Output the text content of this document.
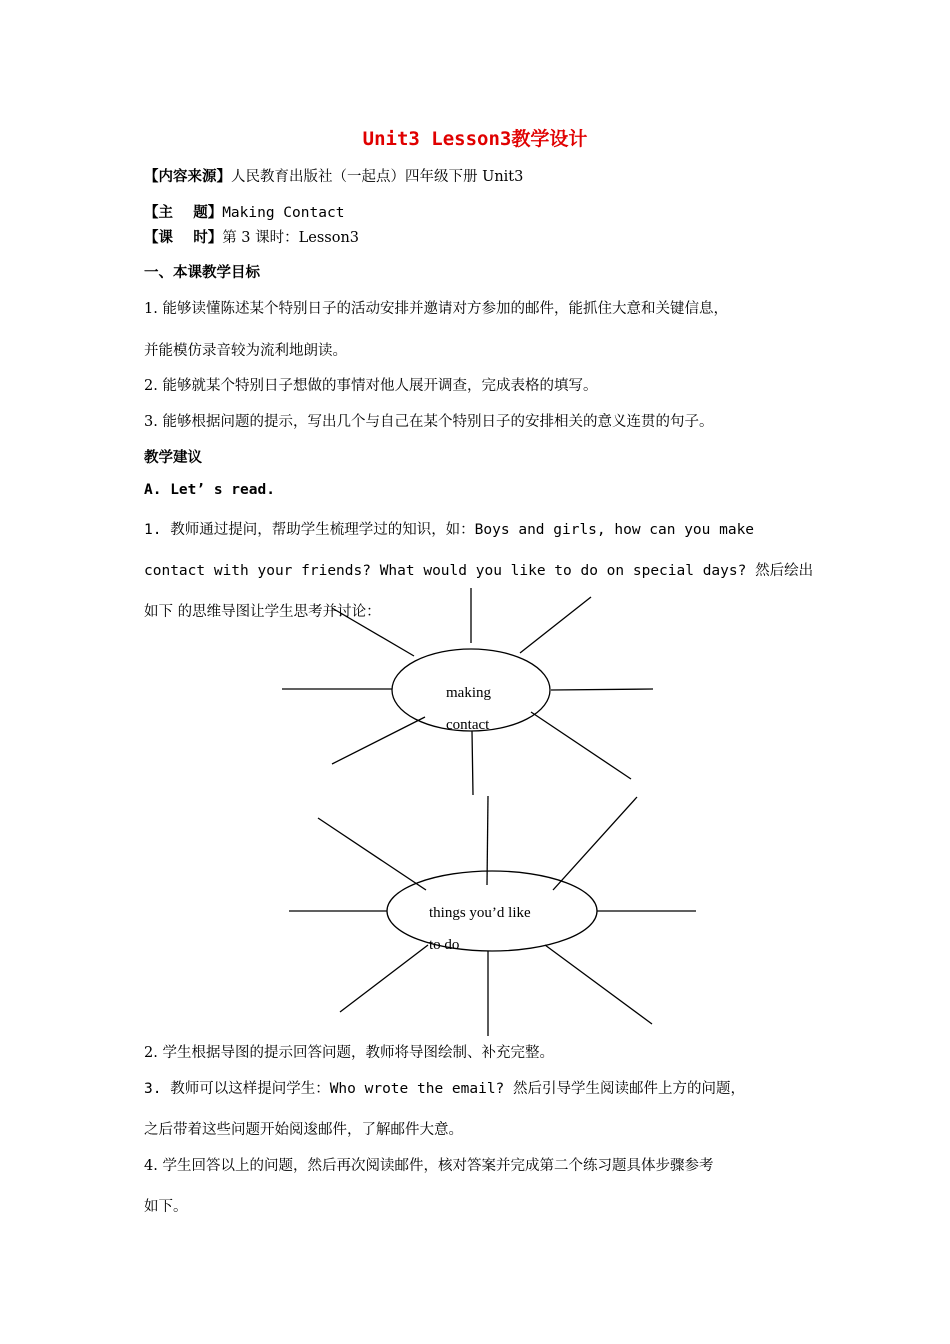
Unit3 Lesson3教学设计
【内容来源】人民教育出版社（一起点）四年级下册 Unit3
【主    题】Making Contact
【课    时】第 3 课时：Lesson3
一、本课教学目标
1. 能够读懂陈述某个特别日子的活动安排并邀请对方参加的邮件，能抓住大意和关键信息，
并能模仿录音较为流利地朗读。
2. 能够就某个特别日子想做的事情对他人展开调查，完成表格的填写。
3. 能够根据问题的提示，写出几个与自己在某个特别日子的安排相关的意义连贯的句子。
教学建议
A. Let’ s read.
1. 教师通过提问，帮助学生梳理学过的知识，如：Boys and girls, how can you make
contact with your friends? What would you like to do on special days? 然后绘出
如下 的思维导图让学生思考并讨论：
making
contact
things you’d like
to do
2. 学生根据导图的提示回答问题，教师将导图绘制、补充完整。
3. 教师可以这样提问学生：Who wrote the email? 然后引导学生阅读邮件上方的问题，
之后带着这些问题开始阅逡邮件，了解邮件大意。
4. 学生回答以上的问题，然后再次阅读邮件，核对答案并完成第二个练习题具体步骤参考
如下。
